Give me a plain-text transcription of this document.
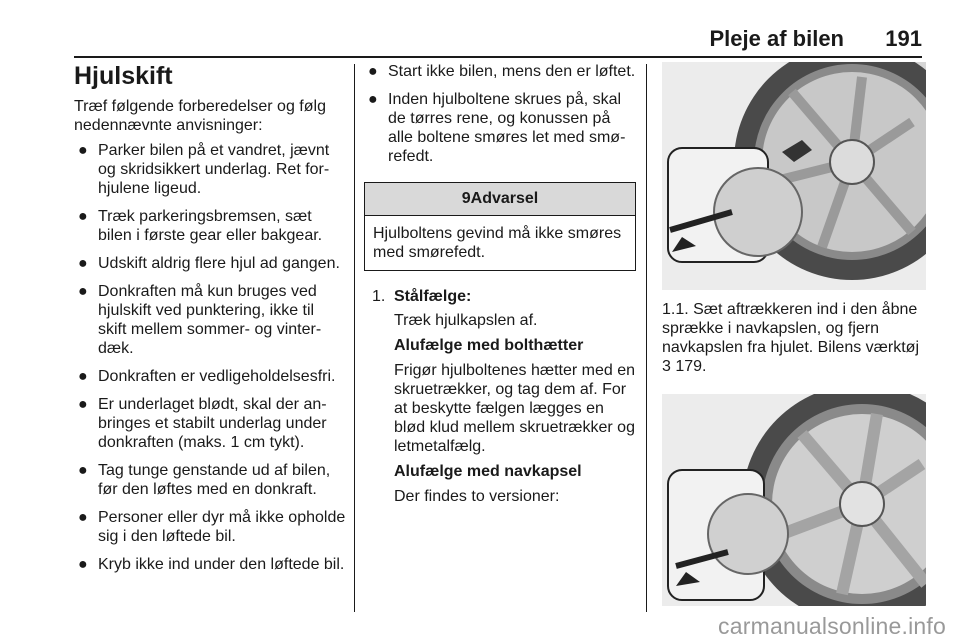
Pleje af bilen 191
Hjulskift

Træf følgende forberedelser og følg nedennævnte anvisninger:

● Parker bilen på et vandret, jævnt og skridsikkert underlag. Ret forhjulene ligeud.
● Træk parkeringsbremsen, sæt bilen i første gear eller bakgear.
● Udskift aldrig flere hjul ad gangen.
● Donkraften må kun bruges ved hjulskift ved punktering, ikke til skift mellem sommer- og vinterdæk.
● Donkraften er vedligeholdelsesfri.
● Er underlaget blødt, skal der anbringes et stabilt underlag under donkraften (maks. 1 cm tykt).
● Tag tunge genstande ud af bilen, før den løftes med en donkraft.
● Personer eller dyr må ikke opholde sig i den løftede bil.
● Kryb ikke ind under den løftede bil.
● Start ikke bilen, mens den er løftet.
● Inden hjulboltene skrues på, skal de tørres rene, og konussen på alle boltene smøres let med smørefedt.
9Advarsel
Hjulboltens gevind må ikke smøres med smørefedt.
1. Stålfælge:

Træk hjulkapslen af.

Alufælge med bolthætter

Frigør hjulboltenes hætter med en skruetrækker, og tag dem af. For at beskytte fælgen lægges en blød klud mellem skruetrækker og letmetalfælg.

Alufælge med navkapsel

Der findes to versioner:

1.1. Sæt aftrækkeren ind i den åbne sprække i navkapslen, og fjern navkapslen fra hjulet. Bilens værktøj 3 179.

carmanualsonline.info
